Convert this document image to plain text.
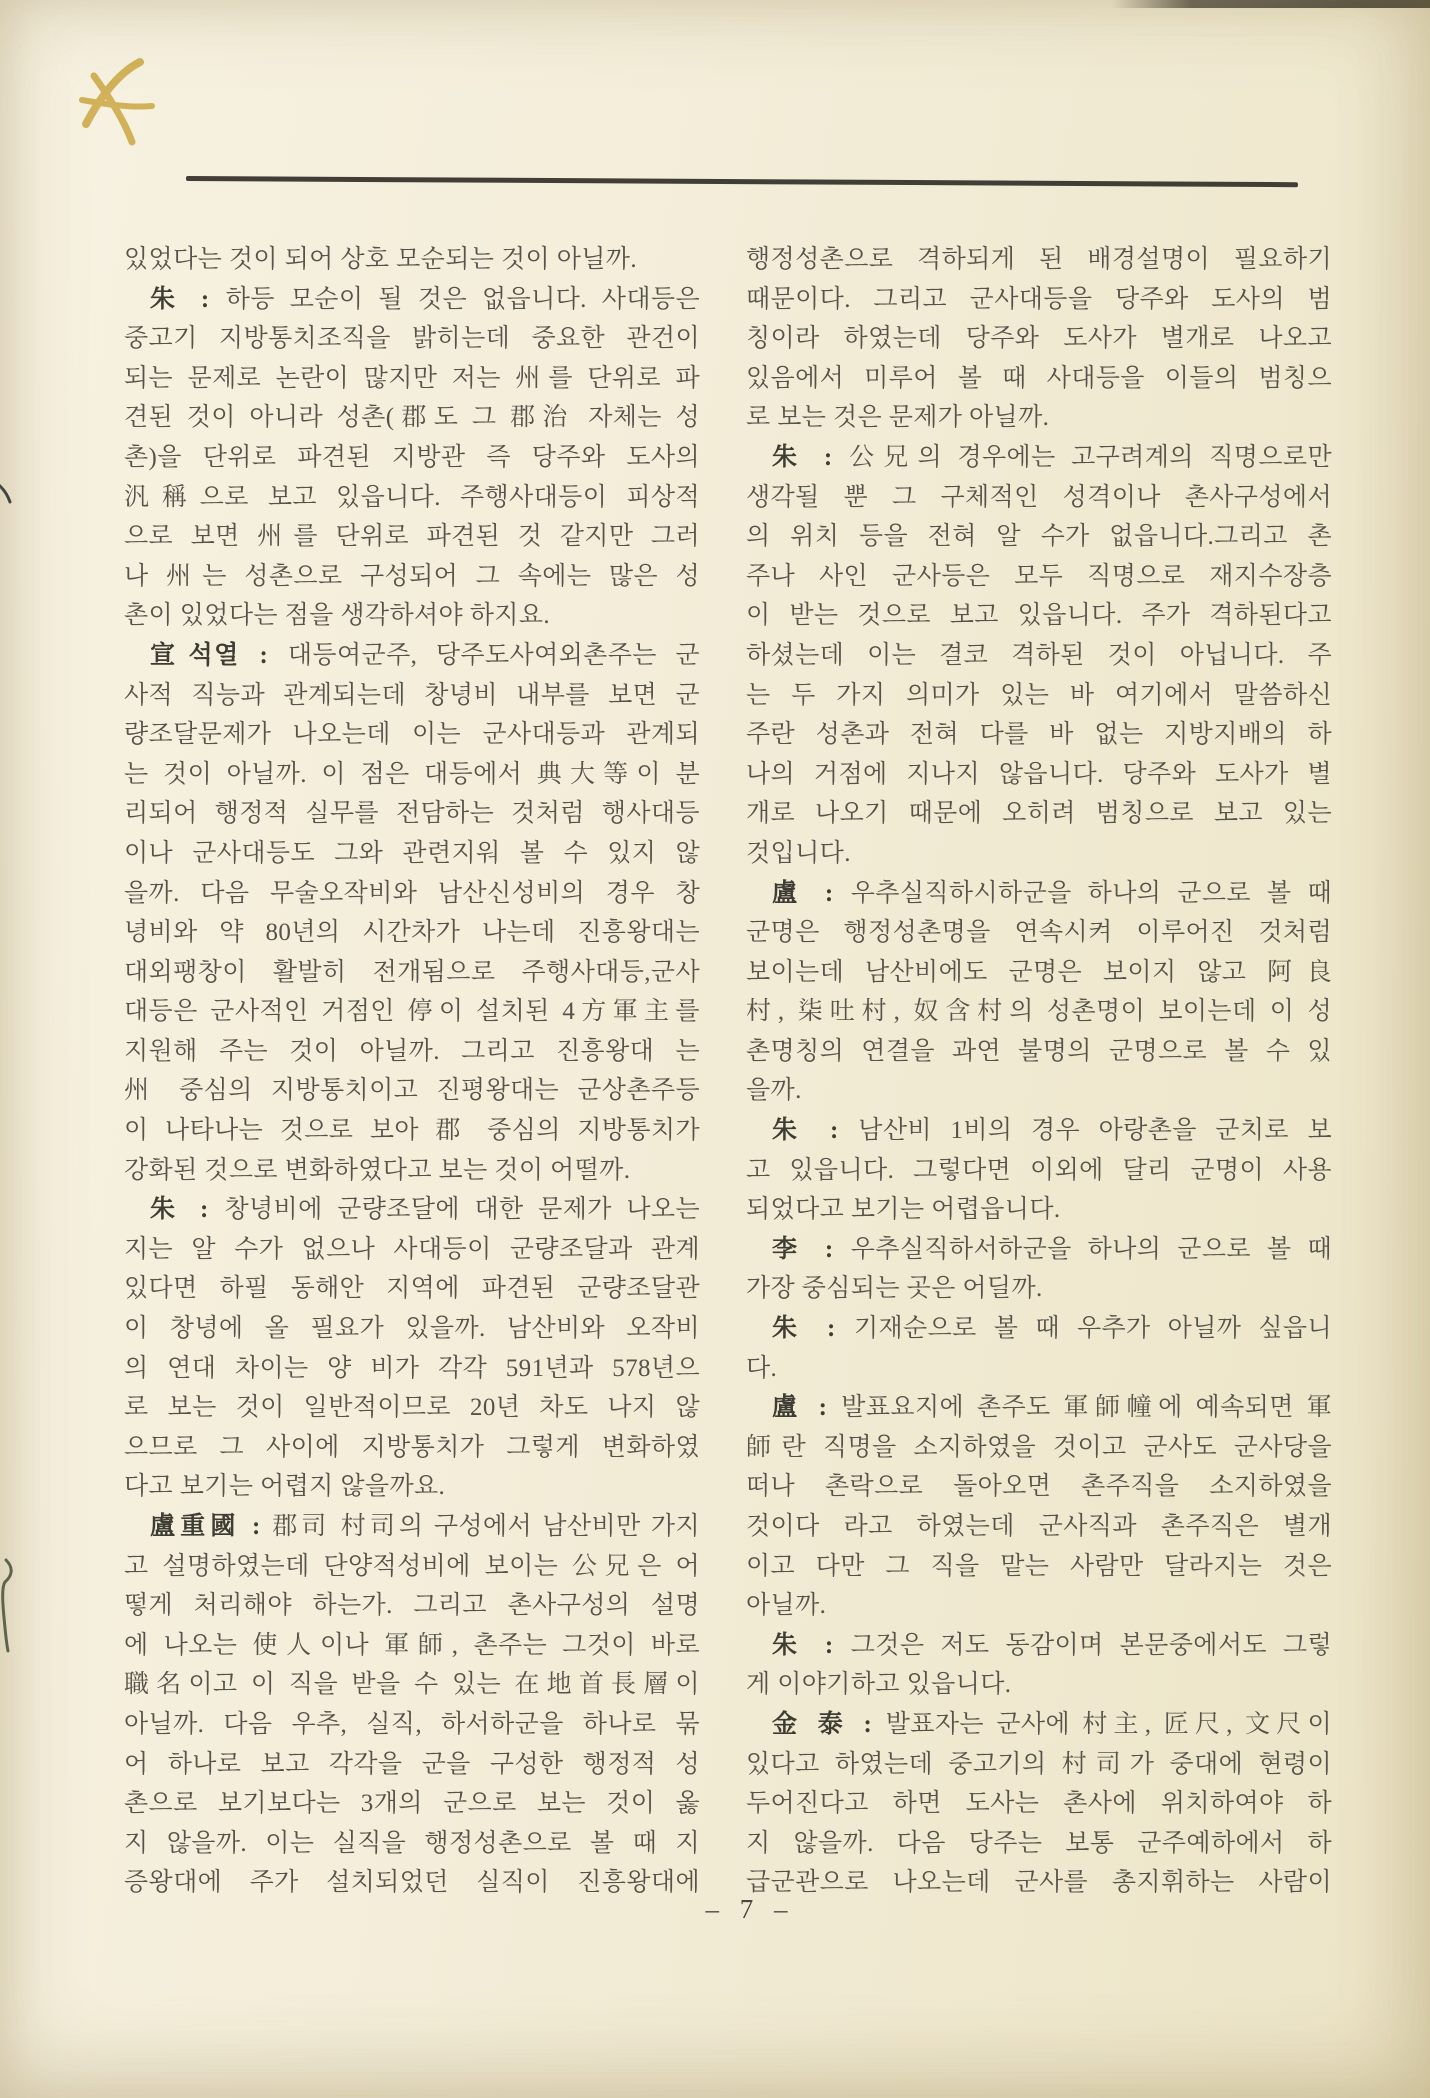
있었다는 것이 되어 상호 모순되는 것이 아닐까.
朱 : 하등 모순이 될 것은 없읍니다. 사대등은
중고기 지방통치조직을 밝히는데 중요한 관건이
되는 문제로 논란이 많지만 저는 州를 단위로 파
견된 것이 아니라 성촌(郡도 그 郡治 자체는 성
촌)을 단위로 파견된 지방관 즉 당주와 도사의
汎稱으로 보고 있읍니다. 주행사대등이 피상적
으로 보면 州를 단위로 파견된 것 같지만 그러
나 州는 성촌으로 구성되어 그 속에는 많은 성
촌이 있었다는 점을 생각하셔야 하지요.
宣석열 : 대등여군주, 당주도사여외촌주는 군
사적 직능과 관계되는데 창녕비 내부를 보면 군
량조달문제가 나오는데 이는 군사대등과 관계되
는 것이 아닐까. 이 점은 대등에서 典大等이 분
리되어 행정적 실무를 전담하는 것처럼 행사대등
이나 군사대등도 그와 관련지워 볼 수 있지 않
을까. 다음 무술오작비와 남산신성비의 경우 창
녕비와 약 80년의 시간차가 나는데 진흥왕대는
대외팽창이 활발히 전개됨으로 주행사대등,군사
대등은 군사적인 거점인 停이 설치된 4方軍主를
지원해 주는 것이 아닐까. 그리고 진흥왕대 는
州 중심의 지방통치이고 진평왕대는 군상촌주등
이 나타나는 것으로 보아 郡 중심의 지방통치가
강화된 것으로 변화하였다고 보는 것이 어떨까.
朱 : 창녕비에 군량조달에 대한 문제가 나오는
지는 알 수가 없으나 사대등이 군량조달과 관계
있다면 하필 동해안 지역에 파견된 군량조달관
이 창녕에 올 필요가 있을까. 남산비와 오작비
의 연대 차이는 양 비가 각각 591년과 578년으
로 보는 것이 일반적이므로 20년 차도 나지 않
으므로 그 사이에 지방통치가 그렇게 변화하였
다고 보기는 어렵지 않을까요.
盧重國 : 郡司 村司의 구성에서 남산비만 가지
고 설명하였는데 단양적성비에 보이는 公兄은 어
떻게 처리해야 하는가. 그리고 촌사구성의 설명
에 나오는 使人이나 軍師, 촌주는 그것이 바로
職名이고 이 직을 받을 수 있는 在地首長層이
아닐까. 다음 우추, 실직, 하서하군을 하나로 묶
어 하나로 보고 각각을 군을 구성한 행정적 성
촌으로 보기보다는 3개의 군으로 보는 것이 옳
지 않을까. 이는 실직을 행정성촌으로 볼 때 지
증왕대에 주가 설치되었던 실직이 진흥왕대에
행정성촌으로 격하되게 된 배경설명이 필요하기
때문이다. 그리고 군사대등을 당주와 도사의 범
칭이라 하였는데 당주와 도사가 별개로 나오고
있음에서 미루어 볼 때 사대등을 이들의 범칭으
로 보는 것은 문제가 아닐까.
朱 : 公兄의 경우에는 고구려계의 직명으로만
생각될 뿐 그 구체적인 성격이나 촌사구성에서
의 위치 등을 전혀 알 수가 없읍니다.그리고 촌
주나 사인 군사등은 모두 직명으로 재지수장층
이 받는 것으로 보고 있읍니다. 주가 격하된다고
하셨는데 이는 결코 격하된 것이 아닙니다. 주
는 두 가지 의미가 있는 바 여기에서 말씀하신
주란 성촌과 전혀 다를 바 없는 지방지배의 하
나의 거점에 지나지 않읍니다. 당주와 도사가 별
개로 나오기 때문에 오히려 범칭으로 보고 있는
것입니다.
盧 : 우추실직하시하군을 하나의 군으로 볼 때
군명은 행정성촌명을 연속시켜 이루어진 것처럼
보이는데 남산비에도 군명은 보이지 않고 阿良
村, 柒吐村, 奴含村의 성촌명이 보이는데 이 성
촌명칭의 연결을 과연 불명의 군명으로 볼 수 있
을까.
朱 : 남산비 1비의 경우 아랑촌을 군치로 보
고 있읍니다. 그렇다면 이외에 달리 군명이 사용
되었다고 보기는 어렵읍니다.
李 : 우추실직하서하군을 하나의 군으로 볼 때
가장 중심되는 곳은 어딜까.
朱 : 기재순으로 볼 때 우추가 아닐까 싶읍니
다.
盧 : 발표요지에 촌주도 軍師幢에 예속되면 軍
師란 직명을 소지하였을 것이고 군사도 군사당을
떠나 촌락으로 돌아오면 촌주직을 소지하였을
것이다 라고 하였는데 군사직과 촌주직은 별개
이고 다만 그 직을 맡는 사람만 달라지는 것은
아닐까.
朱 : 그것은 저도 동감이며 본문중에서도 그렇
게 이야기하고 있읍니다.
金 泰 : 발표자는 군사에 村主, 匠尺, 文尺이
있다고 하였는데 중고기의 村司가 중대에 현령이
두어진다고 하면 도사는 촌사에 위치하여야 하
지 않을까. 다음 당주는 보통 군주예하에서 하
급군관으로 나오는데 군사를 총지휘하는 사람이
– 7 –
